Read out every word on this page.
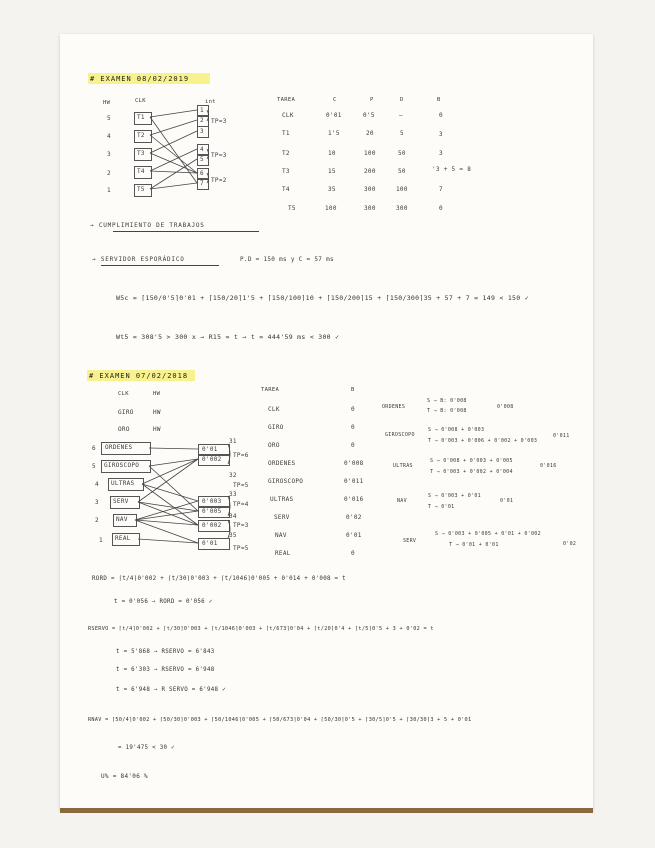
# EXAMEN 08/02/2019
HW	CLK	int
5
4
3
2
1
T1
T2
T3
T4
T5
1
2
3
4
5
6
7
TP=3
TP=3
TP=2
TAREA	C	P	D	B
CLK	0'01	0'5	—	0
T1	1'5	20	5	3
T2	10	100	50	3
T3	15	200	50	'3 + 5 = 8
T4	35	300	100	7
T5	100	300	300	0
→ CUMPLIMIENTO DE TRABAJOS
→ SERVIDOR ESPORÁDICO	P.D = 150 ms y C = 57 ms
W5c = ⌈150/0'5⌉0'01 + ⌈150/20⌉1'5 + ⌈150/100⌉10 + ⌈150/200⌉15 + ⌈150/300⌉35 + 57 + 7 = 149 < 150 ✓
Wt5 = 308'5 > 300 x → R15 = t → t = 444'59 ms < 300 ✓
# EXAMEN 07/02/2018
CLK	HW
GIRO	HW
ORO	HW
6 ORDENES
5 GIROSCOPO
4 ULTRAS
3 SERV
2	NAV
1 REAL
0'01
0'002
0'003
0'005
0'002
0'01
31
32
33
34
35
TP=6
TP=5
TP=4
TP=3
TP=5
TAREA	B
CLK	0
GIRO	0
ORO	0
ORDENES	0'008
GIROSCOPO	0'011
ULTRAS	0'016
SERV	0'02
NAV	0'01
REAL	0
ORDENES
S → B: 0'008
T → B: 0'008
0'008
GIROSCOPO
S → 0'008 + 0'003
T → 0'003 + 0'006 + 0'002 + 0'003
0'011
ULTRAS
S → 0'008 + 0'003 + 0'005
T → 0'003 + 0'002 + 0'004
0'016
NAV
S → 0'003 + 0'01
T → 0'01
0'01
SERV
S → 0'003 + 0'005 + 0'01 + 0'002
T → 0'01 + 0'01	0'02
RORD = ⌈t/4⌉0'002 + ⌈t/30⌉0'003 + ⌈t/1046⌉0'005 + 0'014 + 0'008 = t
t = 0'056 → RORD = 0'056 ✓
RSERVO = ⌈t/4⌉0'002 + ⌈t/30⌉0'003 + ⌈t/1046⌉0'003 + ⌈t/673⌉0'04 + ⌈t/20⌉0'4 + ⌈t/5⌉0'5 + 3 + 0'02 = t
t = 5'868 → RSERVO = 6'843
t = 6'303 → RSERVO = 6'948
t = 6'948 → R SERVO = 6'948 ✓
RNAV = ⌈50/4⌉0'002 + ⌈50/30⌉0'003 + ⌈50/1046⌉0'005 + ⌈50/673⌉0'04 + ⌈50/30⌉0'5 + ⌈30/5⌉0'5 + ⌈30/30⌉3 + 5 + 0'01
= 19'475 < 30 ✓
U% = 84'06 %
